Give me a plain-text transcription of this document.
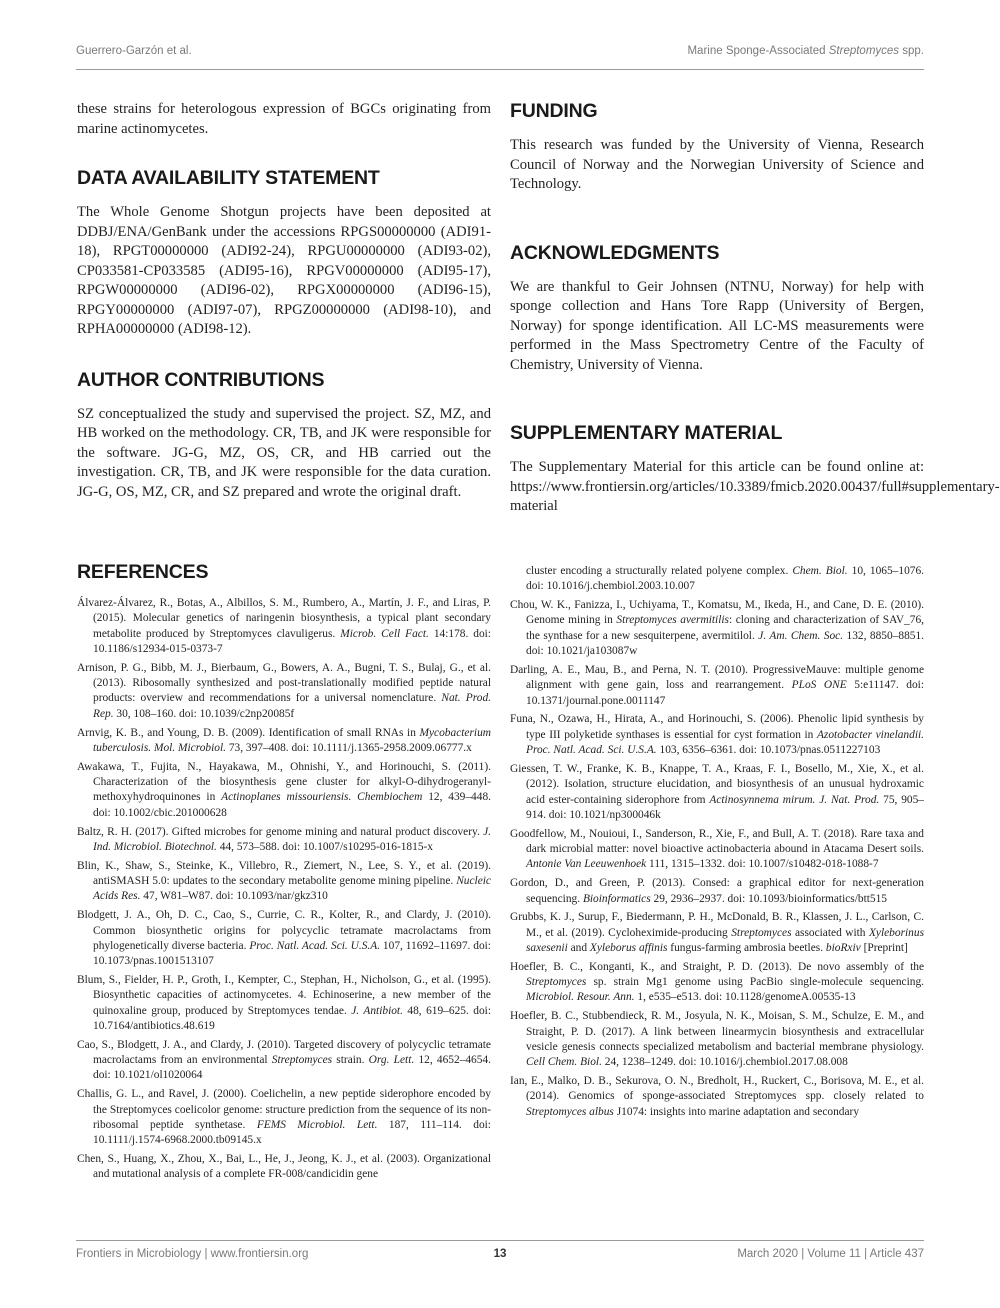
Guerrero-Garzón et al.	Marine Sponge-Associated Streptomyces spp.

these strains for heterologous expression of BGCs originating from marine actinomycetes.

DATA AVAILABILITY STATEMENT

The Whole Genome Shotgun projects have been deposited at DDBJ/ENA/GenBank under the accessions RPGS00000000 (ADI91-18), RPGT00000000 (ADI92-24), RPGU00000000 (ADI93-02), CP033581-CP033585 (ADI95-16), RPGV00000000 (ADI95-17), RPGW00000000 (ADI96-02), RPGX00000000 (ADI96-15), RPGY00000000 (ADI97-07), RPGZ00000000 (ADI98-10), and RPHA00000000 (ADI98-12).

AUTHOR CONTRIBUTIONS

SZ conceptualized the study and supervised the project. SZ, MZ, and HB worked on the methodology. CR, TB, and JK were responsible for the software. JG-G, MZ, OS, CR, and HB carried out the investigation. CR, TB, and JK were responsible for the data curation. JG-G, OS, MZ, CR, and SZ prepared and wrote the original draft.

REFERENCES

Álvarez-Álvarez, R., Botas, A., Albillos, S. M., Rumbero, A., Martín, J. F., and Liras, P. (2015). Molecular genetics of naringenin biosynthesis, a typical plant secondary metabolite produced by Streptomyces clavuligerus. Microb. Cell Fact. 14:178. doi: 10.1186/s12934-015-0373-7

Arnison, P. G., Bibb, M. J., Bierbaum, G., Bowers, A. A., Bugni, T. S., Bulaj, G., et al. (2013). Ribosomally synthesized and post-translationally modified peptide natural products: overview and recommendations for a universal nomenclature. Nat. Prod. Rep. 30, 108–160. doi: 10.1039/c2np20085f

Arnvig, K. B., and Young, D. B. (2009). Identification of small RNAs in Mycobacterium tuberculosis. Mol. Microbiol. 73, 397–408. doi: 10.1111/j.1365-2958.2009.06777.x

Awakawa, T., Fujita, N., Hayakawa, M., Ohnishi, Y., and Horinouchi, S. (2011). Characterization of the biosynthesis gene cluster for alkyl-O-dihydrogeranyl-methoxyhydroquinones in Actinoplanes missouriensis. Chembiochem 12, 439–448. doi: 10.1002/cbic.201000628

Baltz, R. H. (2017). Gifted microbes for genome mining and natural product discovery. J. Ind. Microbiol. Biotechnol. 44, 573–588. doi: 10.1007/s10295-016-1815-x

Blin, K., Shaw, S., Steinke, K., Villebro, R., Ziemert, N., Lee, S. Y., et al. (2019). antiSMASH 5.0: updates to the secondary metabolite genome mining pipeline. Nucleic Acids Res. 47, W81–W87. doi: 10.1093/nar/gkz310

Blodgett, J. A., Oh, D. C., Cao, S., Currie, C. R., Kolter, R., and Clardy, J. (2010). Common biosynthetic origins for polycyclic tetramate macrolactams from phylogenetically diverse bacteria. Proc. Natl. Acad. Sci. U.S.A. 107, 11692–11697. doi: 10.1073/pnas.1001513107

Blum, S., Fielder, H. P., Groth, I., Kempter, C., Stephan, H., Nicholson, G., et al. (1995). Biosynthetic capacities of actinomycetes. 4. Echinoserine, a new member of the quinoxaline group, produced by Streptomyces tendae. J. Antibiot. 48, 619–625. doi: 10.7164/antibiotics.48.619

Cao, S., Blodgett, J. A., and Clardy, J. (2010). Targeted discovery of polycyclic tetramate macrolactams from an environmental Streptomyces strain. Org. Lett. 12, 4652–4654. doi: 10.1021/ol1020064

Challis, G. L., and Ravel, J. (2000). Coelichelin, a new peptide siderophore encoded by the Streptomyces coelicolor genome: structure prediction from the sequence of its non-ribosomal peptide synthetase. FEMS Microbiol. Lett. 187, 111–114. doi: 10.1111/j.1574-6968.2000.tb09145.x

Chen, S., Huang, X., Zhou, X., Bai, L., He, J., Jeong, K. J., et al. (2003). Organizational and mutational analysis of a complete FR-008/candicidin gene

FUNDING

This research was funded by the University of Vienna, Research Council of Norway and the Norwegian University of Science and Technology.

ACKNOWLEDGMENTS

We are thankful to Geir Johnsen (NTNU, Norway) for help with sponge collection and Hans Tore Rapp (University of Bergen, Norway) for sponge identification. All LC-MS measurements were performed in the Mass Spectrometry Centre of the Faculty of Chemistry, University of Vienna.

SUPPLEMENTARY MATERIAL

The Supplementary Material for this article can be found online at: https://www.frontiersin.org/articles/10.3389/fmicb.2020.00437/full#supplementary-material

cluster encoding a structurally related polyene complex. Chem. Biol. 10, 1065–1076. doi: 10.1016/j.chembiol.2003.10.007

Chou, W. K., Fanizza, I., Uchiyama, T., Komatsu, M., Ikeda, H., and Cane, D. E. (2010). Genome mining in Streptomyces avermitilis: cloning and characterization of SAV_76, the synthase for a new sesquiterpene, avermitilol. J. Am. Chem. Soc. 132, 8850–8851. doi: 10.1021/ja103087w

Darling, A. E., Mau, B., and Perna, N. T. (2010). ProgressiveMauve: multiple genome alignment with gene gain, loss and rearrangement. PLoS ONE 5:e11147. doi: 10.1371/journal.pone.0011147

Funa, N., Ozawa, H., Hirata, A., and Horinouchi, S. (2006). Phenolic lipid synthesis by type III polyketide synthases is essential for cyst formation in Azotobacter vinelandii. Proc. Natl. Acad. Sci. U.S.A. 103, 6356–6361. doi: 10.1073/pnas.0511227103

Giessen, T. W., Franke, K. B., Knappe, T. A., Kraas, F. I., Bosello, M., Xie, X., et al. (2012). Isolation, structure elucidation, and biosynthesis of an unusual hydroxamic acid ester-containing siderophore from Actinosynnema mirum. J. Nat. Prod. 75, 905–914. doi: 10.1021/np300046k

Goodfellow, M., Nouioui, I., Sanderson, R., Xie, F., and Bull, A. T. (2018). Rare taxa and dark microbial matter: novel bioactive actinobacteria abound in Atacama Desert soils. Antonie Van Leeuwenhoek 111, 1315–1332. doi: 10.1007/s10482-018-1088-7

Gordon, D., and Green, P. (2013). Consed: a graphical editor for next-generation sequencing. Bioinformatics 29, 2936–2937. doi: 10.1093/bioinformatics/btt515

Grubbs, K. J., Surup, F., Biedermann, P. H., McDonald, B. R., Klassen, J. L., Carlson, C. M., et al. (2019). Cycloheximide-producing Streptomyces associated with Xyleborinus saxesenii and Xyleborus affinis fungus-farming ambrosia beetles. bioRxiv [Preprint]

Hoefler, B. C., Konganti, K., and Straight, P. D. (2013). De novo assembly of the Streptomyces sp. strain Mg1 genome using PacBio single-molecule sequencing. Microbiol. Resour. Ann. 1, e535–e513. doi: 10.1128/genomeA.00535-13

Hoefler, B. C., Stubbendieck, R. M., Josyula, N. K., Moisan, S. M., Schulze, E. M., and Straight, P. D. (2017). A link between linearmycin biosynthesis and extracellular vesicle genesis connects specialized metabolism and bacterial membrane physiology. Cell Chem. Biol. 24, 1238–1249. doi: 10.1016/j.chembiol.2017.08.008

Ian, E., Malko, D. B., Sekurova, O. N., Bredholt, H., Ruckert, C., Borisova, M. E., et al. (2014). Genomics of sponge-associated Streptomyces spp. closely related to Streptomyces albus J1074: insights into marine adaptation and secondary

Frontiers in Microbiology | www.frontiersin.org	13	March 2020 | Volume 11 | Article 437
